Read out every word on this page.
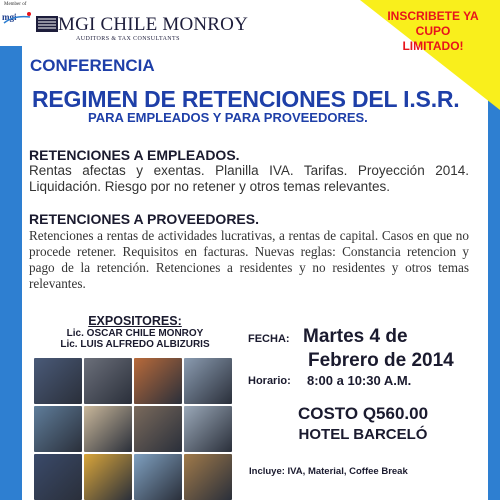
Member of
mgi MGI CHILE MONROY
AUDITORS & TAX CONSULTANTS
INSCRIBETE YA
CUPO
LIMITADO!
CONFERENCIA
REGIMEN DE RETENCIONES DEL I.S.R.
PARA EMPLEADOS Y PARA PROVEEDORES.
RETENCIONES A EMPLEADOS.
Rentas afectas y exentas. Planilla IVA. Tarifas. Proyección 2014. Liquidación. Riesgo por no retener y otros temas relevantes.
RETENCIONES A PROVEEDORES.
Retenciones a rentas de actividades lucrativas, a rentas de capital. Casos en que no procede retener. Requisitos en facturas. Nuevas reglas: Constancia retencion y pago de la retención. Retenciones a residentes y no residentes y otros temas relevantes.
EXPOSITORES:
Lic. OSCAR CHILE MONROY
Lic. LUIS ALFREDO ALBIZURIS	FECHA: Martes 4 de
Febrero de 2014
Horario: 8:00 a 10:30 A.M.
COSTO Q560.00
HOTEL BARCELÓ
Incluye: IVA, Material, Coffee Break
